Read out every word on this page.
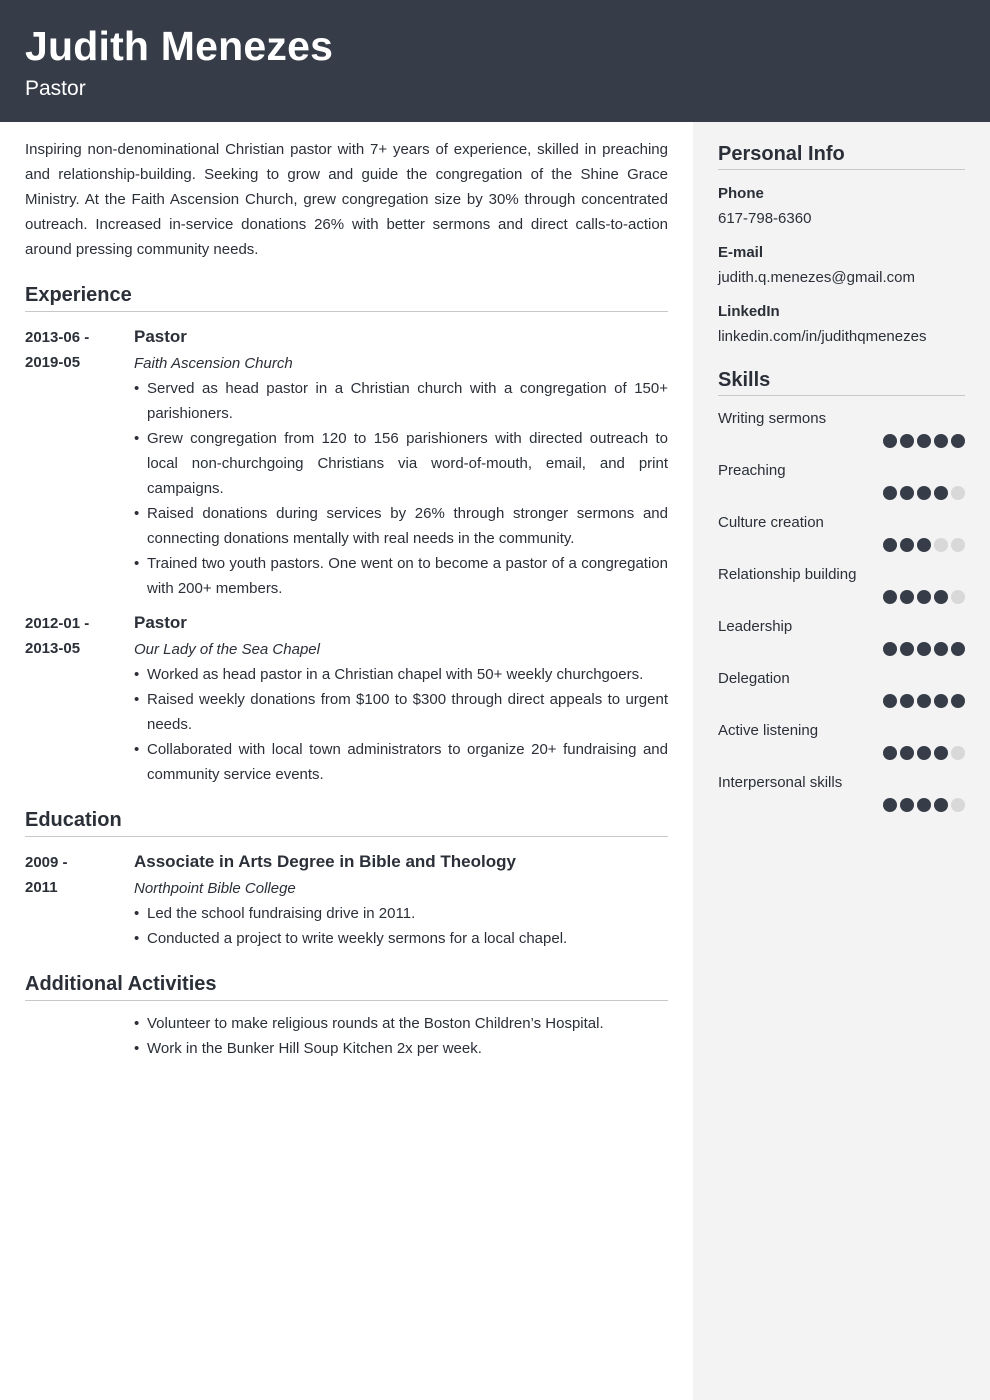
Judith Menezes
Pastor

Inspiring non-denominational Christian pastor with 7+ years of experience, skilled in preaching and relationship-building. Seeking to grow and guide the congregation of the Shine Grace Ministry. At the Faith Ascension Church, grew congregation size by 30% through concentrated outreach. Increased in-service donations 26% with better sermons and direct calls-to-action around pressing community needs.

Experience
2013-06 -
2019-05
Pastor
Faith Ascension Church
• Served as head pastor in a Christian church with a congregation of 150+ parishioners.
• Grew congregation from 120 to 156 parishioners with directed outreach to local non-churchgoing Christians via word-of-mouth, email, and print campaigns.
• Raised donations during services by 26% through stronger sermons and connecting donations mentally with real needs in the community.
• Trained two youth pastors. One went on to become a pastor of a congregation with 200+ members.
2012-01 -
2013-05
Pastor
Our Lady of the Sea Chapel
• Worked as head pastor in a Christian chapel with 50+ weekly churchgoers.
• Raised weekly donations from $100 to $300 through direct appeals to urgent needs.
• Collaborated with local town administrators to organize 20+ fundraising and community service events.
Education
2009 -
2011
Associate in Arts Degree in Bible and Theology
Northpoint Bible College
• Led the school fundraising drive in 2011.
• Conducted a project to write weekly sermons for a local chapel.
Additional Activities
• Volunteer to make religious rounds at the Boston Children’s Hospital.
• Work in the Bunker Hill Soup Kitchen 2x per week.
Personal Info
Phone
617-798-6360
E-mail
judith.q.menezes@gmail.com
LinkedIn
linkedin.com/in/judithqmenezes
Skills
Writing sermons
Preaching
Culture creation
Relationship building
Leadership
Delegation
Active listening
Interpersonal skills
